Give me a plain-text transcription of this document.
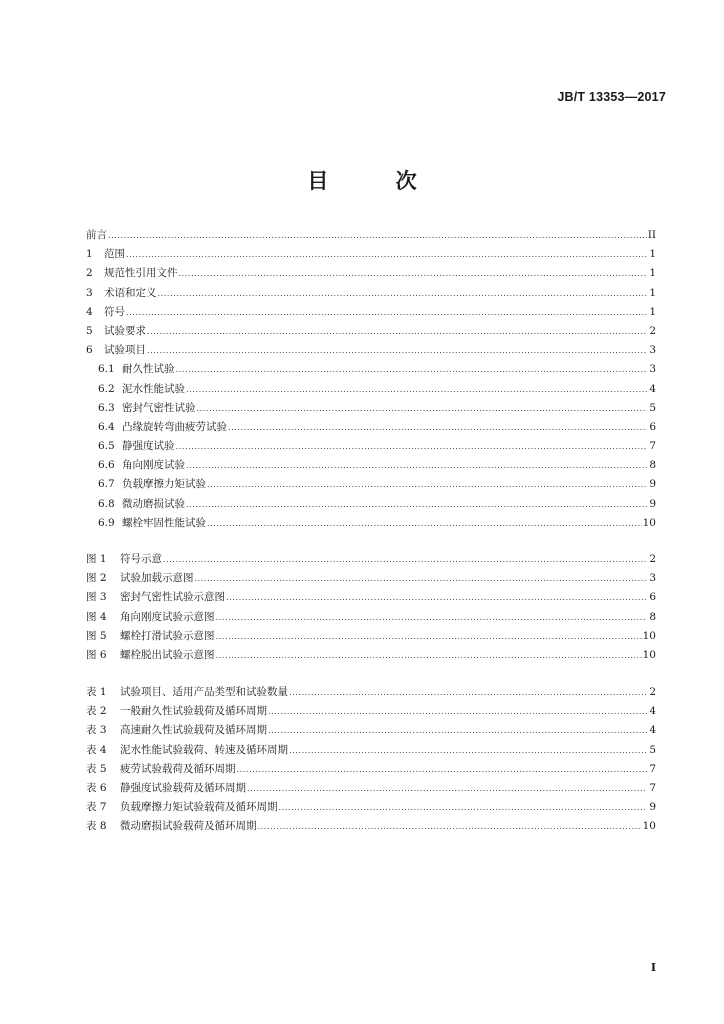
JB/T 13353—2017
目 次
前言 .....	II
1	范围 .....	1
2	规范性引用文件 .....	1
3	术语和定义 .....	1
4	符号 .....	1
5	试验要求 .....	2
6	试验项目 .....	3
6.1 耐久性试验 .....	3
6.2 泥水性能试验 .....	4
6.3 密封气密性试验 .....	5
6.4 凸缘旋转弯曲疲劳试验 .....	6
6.5 静强度试验 .....	7
6.6 角向刚度试验 .....	8
6.7 负载摩擦力矩试验 .....	9
6.8 微动磨损试验 .....	9
6.9 螺栓牢固性能试验 .....	10
图 1	符号示意 .....	2
图 2	试验加载示意图 .....	3
图 3	密封气密性试验示意图 .....	6
图 4	角向刚度试验示意图 .....	8
图 5	螺栓打滑试验示意图 .....	10
图 6	螺栓脱出试验示意图 .....	10
表 1	试验项目、适用产品类型和试验数量 .....	2
表 2	一般耐久性试验载荷及循环周期 .....	4
表 3	高速耐久性试验载荷及循环周期 .....	4
表 4	泥水性能试验载荷、转速及循环周期 .....	5
表 5	疲劳试验载荷及循环周期 .....	7
表 6	静强度试验载荷及循环周期 .....	7
表 7	负载摩擦力矩试验载荷及循环周期 .....	9
表 8	微动磨损试验载荷及循环周期 .....	10
I
